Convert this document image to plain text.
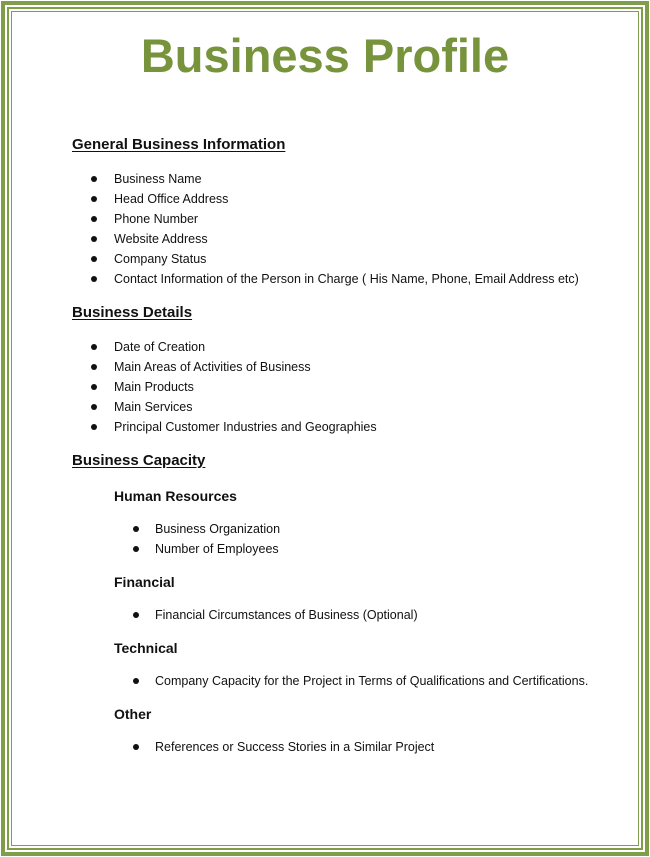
Business Profile

General Business Information

Business Name
Head Office Address
Phone Number
Website Address
Company Status
Contact Information of the Person in Charge ( His Name, Phone, Email Address etc)

Business Details

Date of Creation
Main Areas of Activities of Business
Main Products
Main Services
Principal Customer Industries and Geographies

Business Capacity

Human Resources

Business Organization
Number of Employees

Financial

Financial Circumstances of Business (Optional)

Technical

Company Capacity for the Project in Terms of Qualifications and Certifications.

Other

References or Success Stories in a Similar Project
